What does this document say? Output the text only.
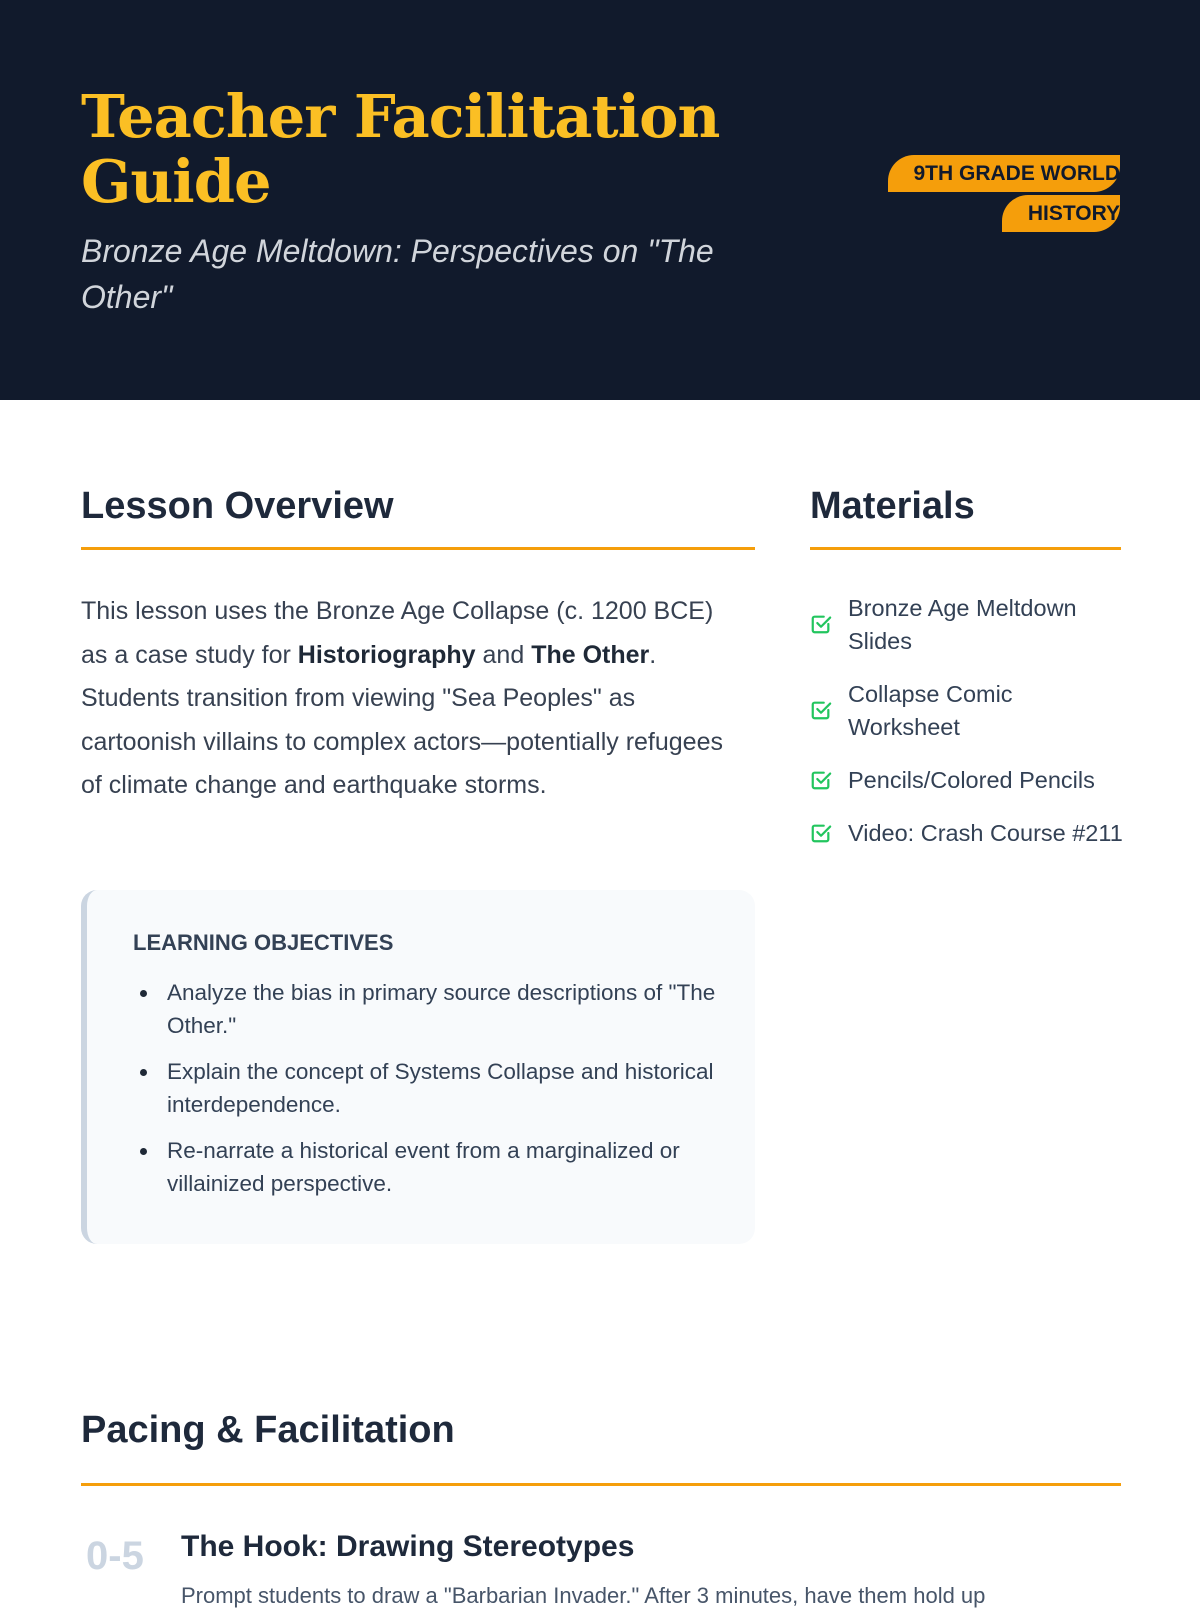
Teacher Facilitation Guide
Bronze Age Meltdown: Perspectives on "The Other"
9TH GRADE WORLD HISTORY
Lesson Overview

This lesson uses the Bronze Age Collapse (c. 1200 BCE) as a case study for Historiography and The Other. Students transition from viewing "Sea Peoples" as cartoonish villains to complex actors—potentially refugees of climate change and earthquake storms.

LEARNING OBJECTIVES
Analyze the bias in primary source descriptions of "The Other."
Explain the concept of Systems Collapse and historical interdependence.
Re-narrate a historical event from a marginalized or villainized perspective.
Materials
Bronze Age Meltdown Slides
Collapse Comic Worksheet
Pencils/Colored Pencils
Video: Crash Course #211
Pacing & Facilitation
0-5 The Hook: Drawing Stereotypes
Prompt students to draw a "Barbarian Invader." After 3 minutes, have them hold up
